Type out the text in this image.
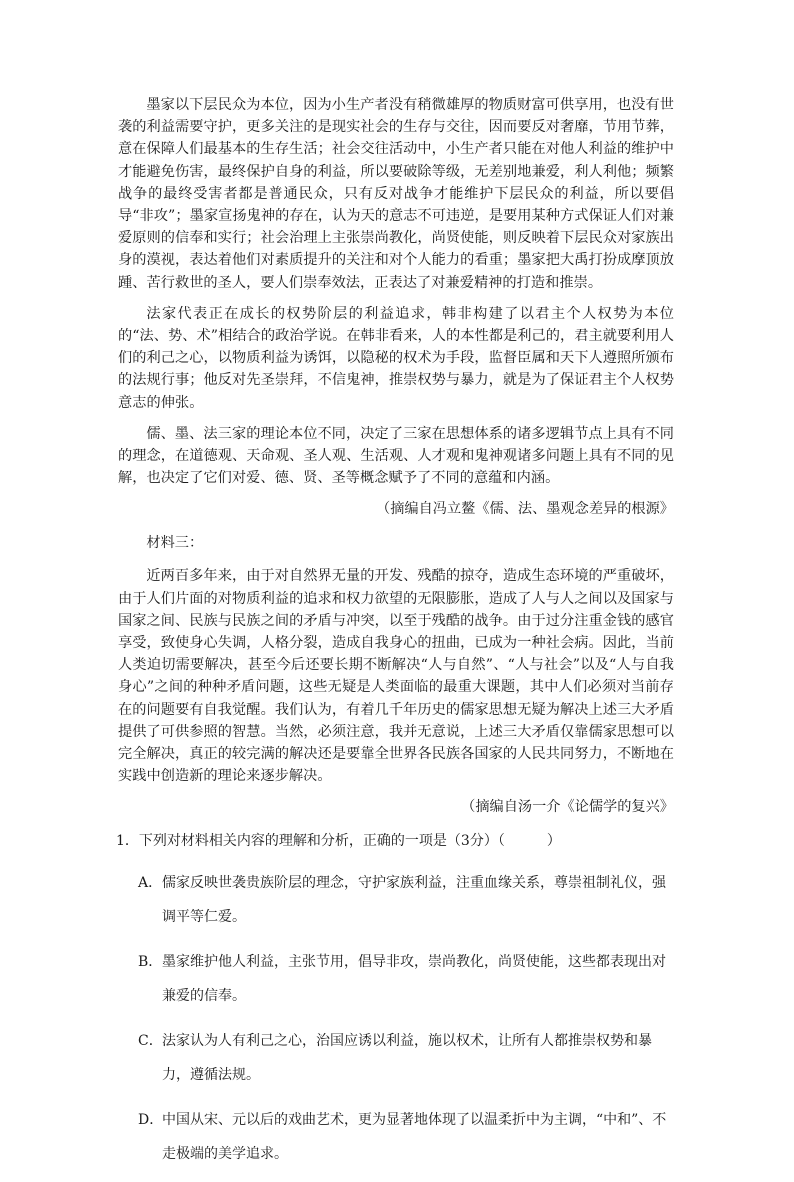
墨家以下层民众为本位，因为小生产者没有稍微雄厚的物质财富可供享用，也没有世袭的利益需要守护，更多关注的是现实社会的生存与交往，因而要反对奢靡，节用节葬，意在保障人们最基本的生存生活；社会交往活动中，小生产者只能在对他人利益的维护中才能避免伤害，最终保护自身的利益，所以要破除等级，无差别地兼爱，利人利他；频繁战争的最终受害者都是普通民众，只有反对战争才能维护下层民众的利益，所以要倡导“非攻”；墨家宣扬鬼神的存在，认为天的意志不可违逆，是要用某种方式保证人们对兼爱原则的信奉和实行；社会治理上主张崇尚教化，尚贤使能，则反映着下层民众对家族出身的漠视，表达着他们对素质提升的关注和对个人能力的看重；墨家把大禹打扮成摩顶放踵、苦行救世的圣人，要人们崇奉效法，正表达了对兼爱精神的打造和推崇。

法家代表正在成长的权势阶层的利益追求，韩非构建了以君主个人权势为本位的“法、势、术”相结合的政治学说。在韩非看来，人的本性都是利己的，君主就要利用人们的利己之心，以物质利益为诱饵，以隐秘的权术为手段，监督臣属和天下人遵照所颁布的法规行事；他反对先圣崇拜，不信鬼神，推崇权势与暴力，就是为了保证君主个人权势意志的伸张。

儒、墨、法三家的理论本位不同，决定了三家在思想体系的诸多逻辑节点上具有不同的理念，在道德观、天命观、圣人观、生活观、人才观和鬼神观诸多问题上具有不同的见解，也决定了它们对爱、德、贤、圣等概念赋予了不同的意蕴和内涵。

（摘编自冯立鳌《儒、法、墨观念差异的根源》

材料三：

近两百多年来，由于对自然界无量的开发、残酷的掠夺，造成生态环境的严重破坏，由于人们片面的对物质利益的追求和权力欲望的无限膨胀，造成了人与人之间以及国家与国家之间、民族与民族之间的矛盾与冲突，以至于残酷的战争。由于过分注重金钱的感官享受，致使身心失调，人格分裂，造成自我身心的扭曲，已成为一种社会病。因此，当前人类迫切需要解决，甚至今后还要长期不断解决“人与自然”、“人与社会”以及“人与自我身心”之间的种种矛盾问题，这些无疑是人类面临的最重大课题，其中人们必须对当前存在的问题要有自我觉醒。我们认为，有着几千年历史的儒家思想无疑为解决上述三大矛盾提供了可供参照的智慧。当然，必须注意，我并无意说，上述三大矛盾仅靠儒家思想可以完全解决，真正的较完满的解决还是要靠全世界各民族各国家的人民共同努力，不断地在实践中创造新的理论来逐步解决。

（摘编自汤一介《论儒学的复兴》

1．下列对材料相关内容的理解和分析，正确的一项是（3分）（　　　）

A．儒家反映世袭贵族阶层的理念，守护家族利益，注重血缘关系，尊崇祖制礼仪，强调平等仁爱。
B．墨家维护他人利益，主张节用，倡导非攻，崇尚教化，尚贤使能，这些都表现出对兼爱的信奉。
C．法家认为人有利己之心，治国应诱以利益，施以权术，让所有人都推崇权势和暴力，遵循法规。
D．中国从宋、元以后的戏曲艺术，更为显著地体现了以温柔折中为主调，“中和”、不走极端的美学追求。
